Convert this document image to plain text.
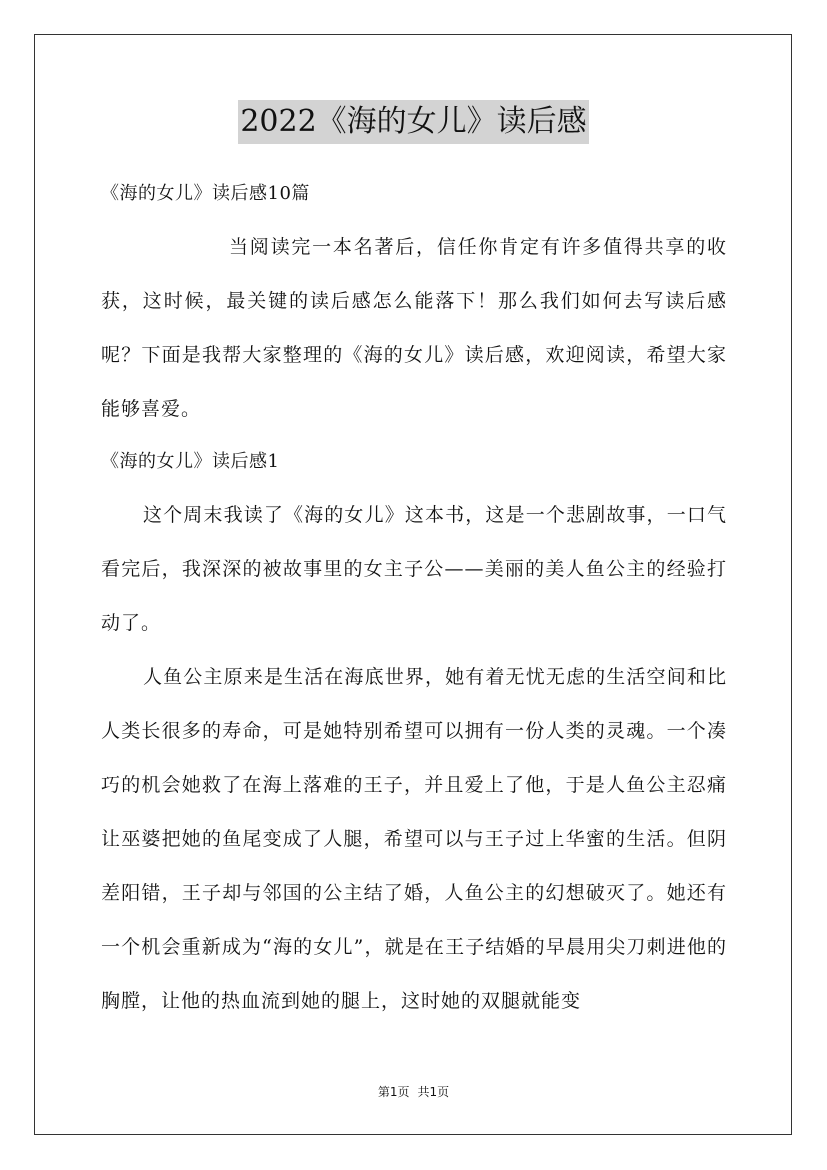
2022《海的女儿》读后感

《海的女儿》读后感10篇

当阅读完一本名著后，信任你肯定有许多值得共享的收获，这时候，最关键的读后感怎么能落下！那么我们如何去写读后感呢？下面是我帮大家整理的《海的女儿》读后感，欢迎阅读，希望大家能够喜爱。

《海的女儿》读后感1

这个周末我读了《海的女儿》这本书，这是一个悲剧故事，一口气看完后，我深深的被故事里的女主子公——美丽的美人鱼公主的经验打动了。

人鱼公主原来是生活在海底世界，她有着无忧无虑的生活空间和比人类长很多的寿命，可是她特别希望可以拥有一份人类的灵魂。一个凑巧的机会她救了在海上落难的王子，并且爱上了他，于是人鱼公主忍痛让巫婆把她的鱼尾变成了人腿，希望可以与王子过上华蜜的生活。但阴差阳错，王子却与邻国的公主结了婚，人鱼公主的幻想破灭了。她还有一个机会重新成为“海的女儿”，就是在王子结婚的早晨用尖刀刺进他的胸膛，让他的热血流到她的腿上，这时她的双腿就能变

第1页 共1页
